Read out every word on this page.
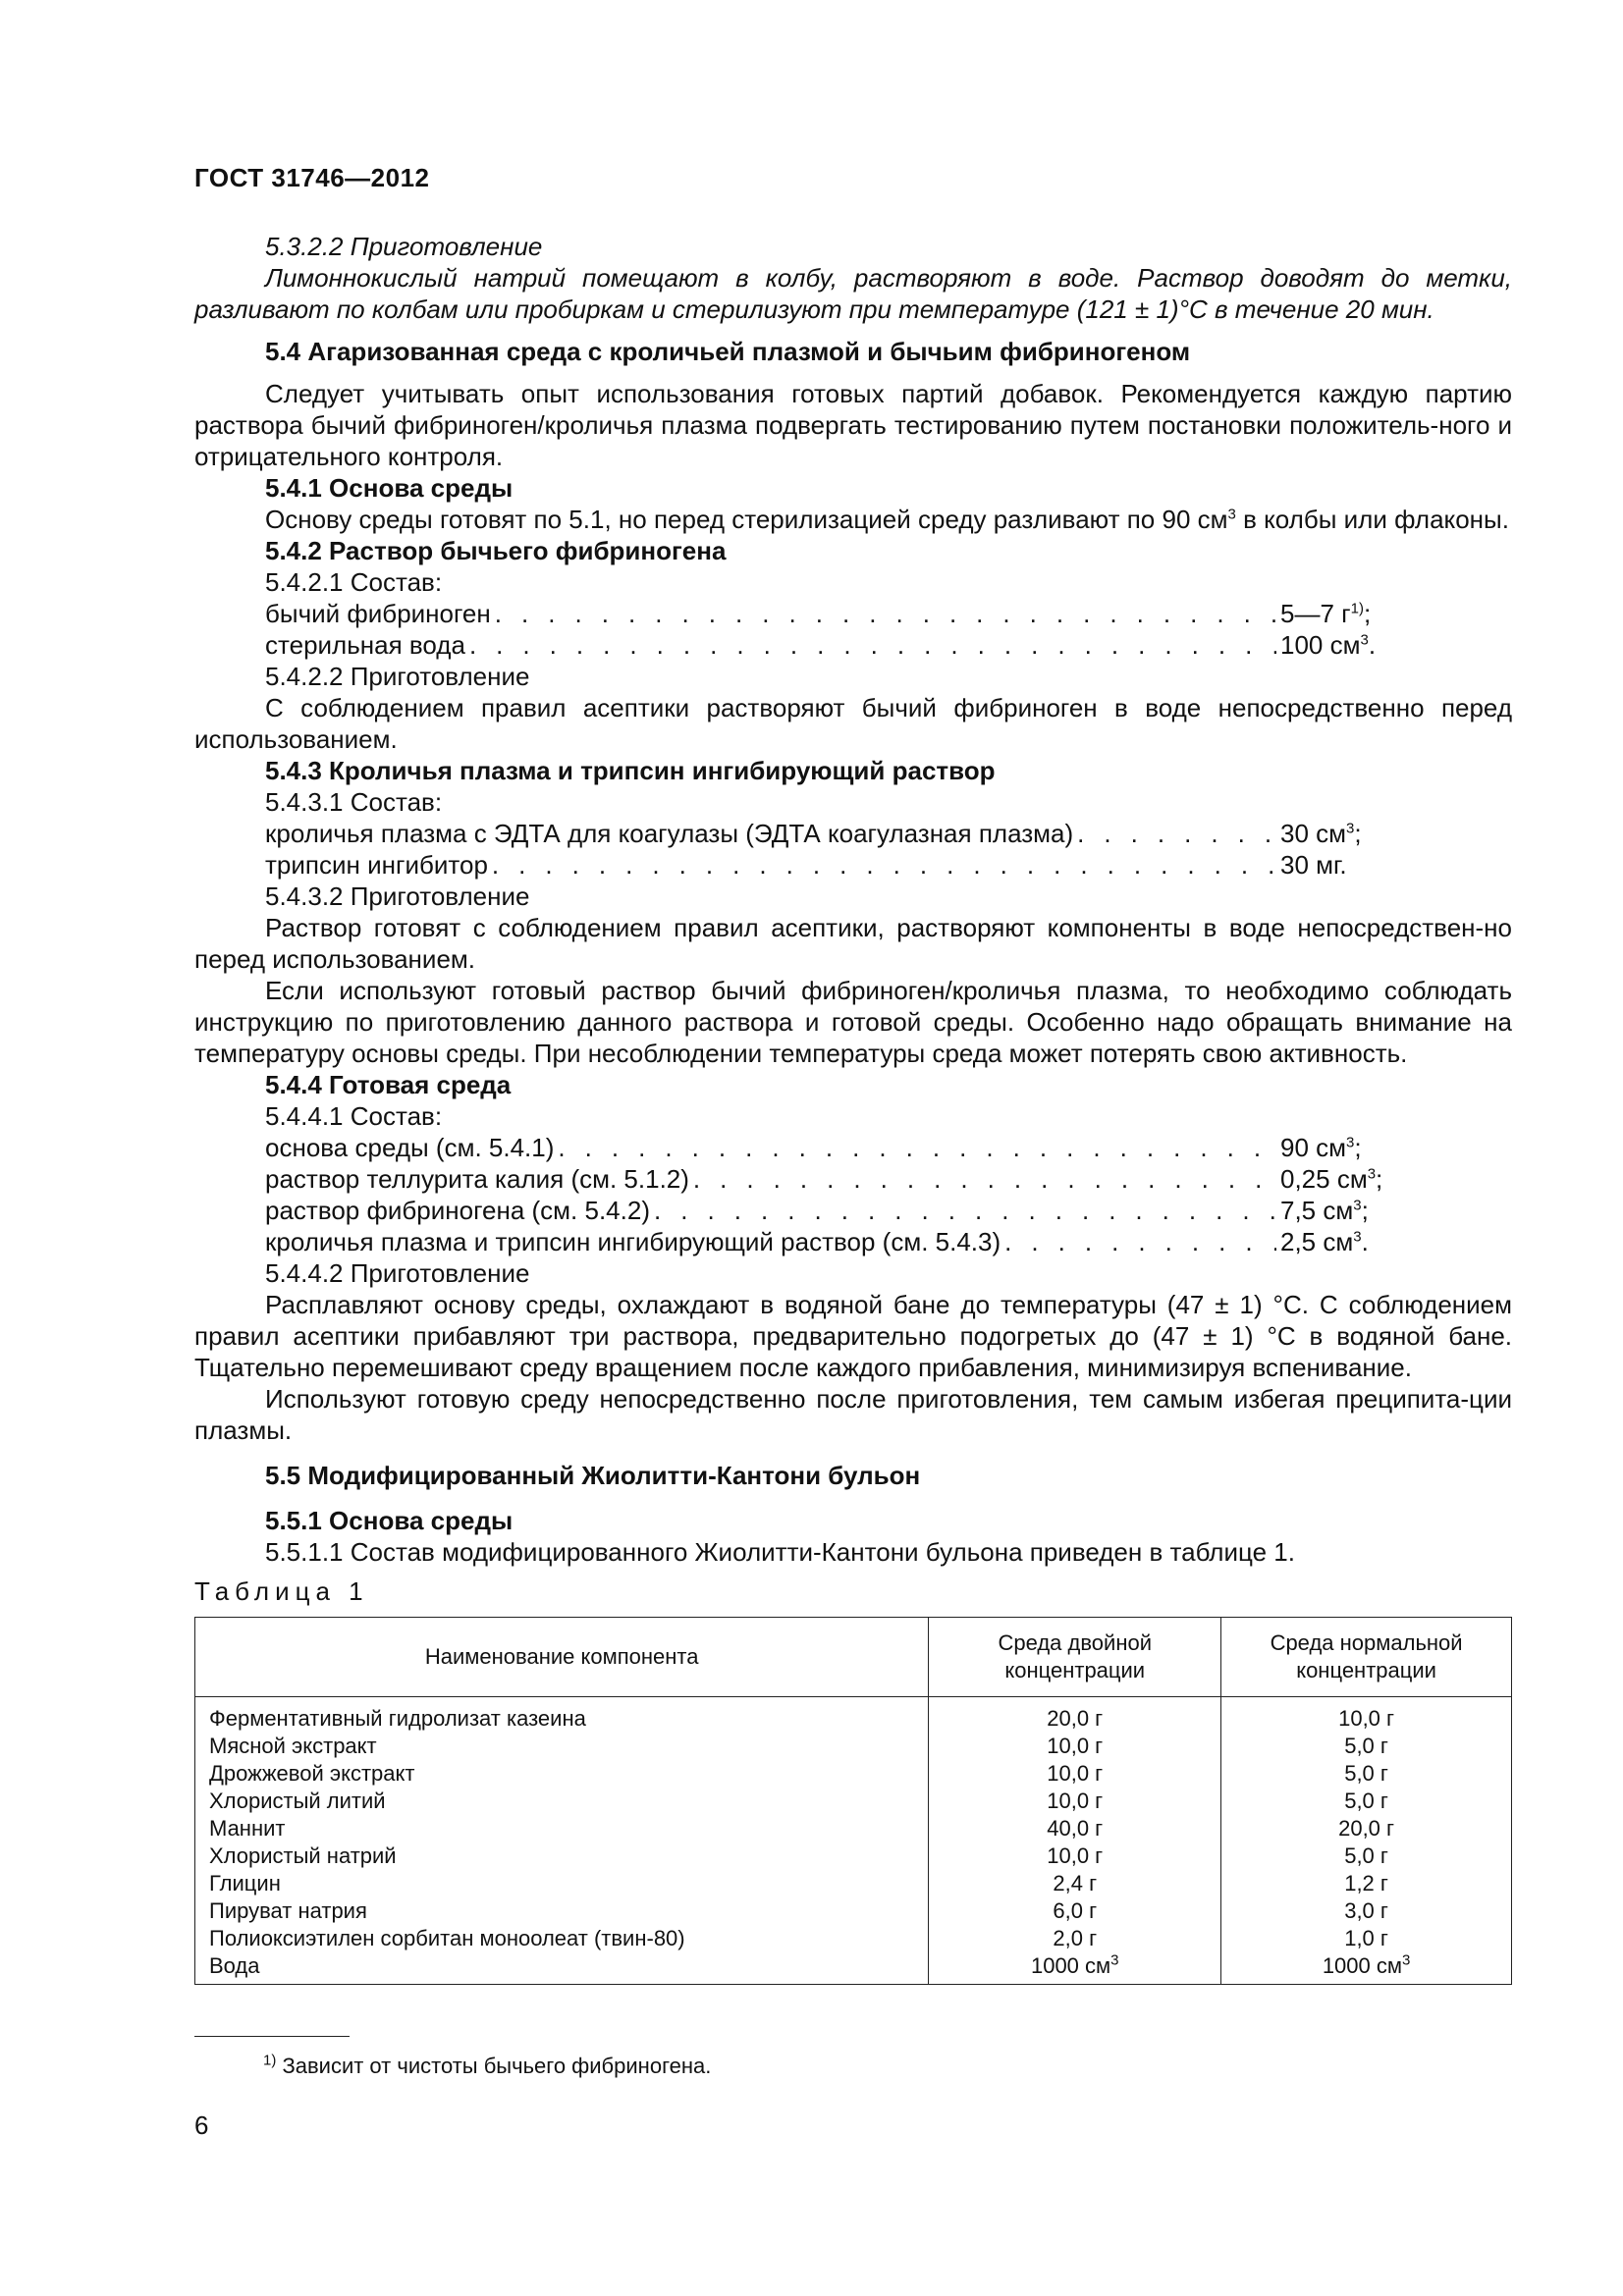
ГОСТ 31746—2012

5.3.2.2 Приготовление

Лимоннокислый натрий помещают в колбу, растворяют в воде. Раствор доводят до метки, разливают по колбам или пробиркам и стерилизуют при температуре (121 ± 1)°C в течение 20 мин.

5.4 Агаризованная среда с кроличьей плазмой и бычьим фибриногеном

Следует учитывать опыт использования готовых партий добавок. Рекомендуется каждую партию раствора бычий фибриноген/кроличья плазма подвергать тестированию путем постановки положитель-ного и отрицательного контроля.

5.4.1 Основа среды

Основу среды готовят по 5.1, но перед стерилизацией среду разливают по 90 $см^3$ в колбы или флаконы.

5.4.2 Раствор бычьего фибриногена

5.4.2.1 Состав:

бычий фибриноген . . .	5—7 $г^{1)}$;
стерильная вода . . .	100 $см^3$.

5.4.2.2 Приготовление

С соблюдением правил асептики растворяют бычий фибриноген в воде непосредственно перед использованием.

5.4.3 Кроличья плазма и трипсин ингибирующий раствор

5.4.3.1 Состав:

кроличья плазма с ЭДТА для коагулазы (ЭДТА коагулазная плазма) . . .	30 $см^3$;
трипсин ингибитор . . .	30 мг.

5.4.3.2 Приготовление

Раствор готовят с соблюдением правил асептики, растворяют компоненты в воде непосредствен-но перед использованием.

Если используют готовый раствор бычий фибриноген/кроличья плазма, то необходимо соблюдать инструкцию по приготовлению данного раствора и готовой среды. Особенно надо обращать внимание на температуру основы среды. При несоблюдении температуры среда может потерять свою активность.

5.4.4 Готовая среда

5.4.4.1 Состав:

основа среды (см. 5.4.1) . . .	90 $см^3$;
раствор теллурита калия (см. 5.1.2) . . .	0,25 $см^3$;
раствор фибриногена (см. 5.4.2) . . .	7,5 $см^3$;
кроличья плазма и трипсин ингибирующий раствор (см. 5.4.3) . . .	2,5 $см^3$.

5.4.4.2 Приготовление

Расплавляют основу среды, охлаждают в водяной бане до температуры (47 ± 1) °C. С соблюдением правил асептики прибавляют три раствора, предварительно подогретых до (47 ± 1) °C в водяной бане. Тщательно перемешивают среду вращением после каждого прибавления, минимизируя вспенивание.

Используют готовую среду непосредственно после приготовления, тем самым избегая преципита-ции плазмы.

5.5 Модифицированный Жиолитти-Кантони бульон

5.5.1 Основа среды

5.5.1.1 Состав модифицированного Жиолитти-Кантони бульона приведен в таблице 1.

Таблица 1
Наименование компонента	Среда двойной концентрации	Среда нормальной концентрации
Ферментативный гидролизат казеина	20,0 г	10,0 г
Мясной экстракт	10,0 г	5,0 г
Дрожжевой экстракт	10,0 г	5,0 г
Хлористый литий	10,0 г	5,0 г
Маннит	40,0 г	20,0 г
Хлористый натрий	10,0 г	5,0 г
Глицин	2,4 г	1,2 г
Пируват натрия	6,0 г	3,0 г
Полиоксиэтилен сорбитан моноолеат (твин-80)	2,0 г	1,0 г
Вода	1000 $см^3$	1000 $см^3$
$^{1)}$ Зависит от чистоты бычьего фибриногена.
6
